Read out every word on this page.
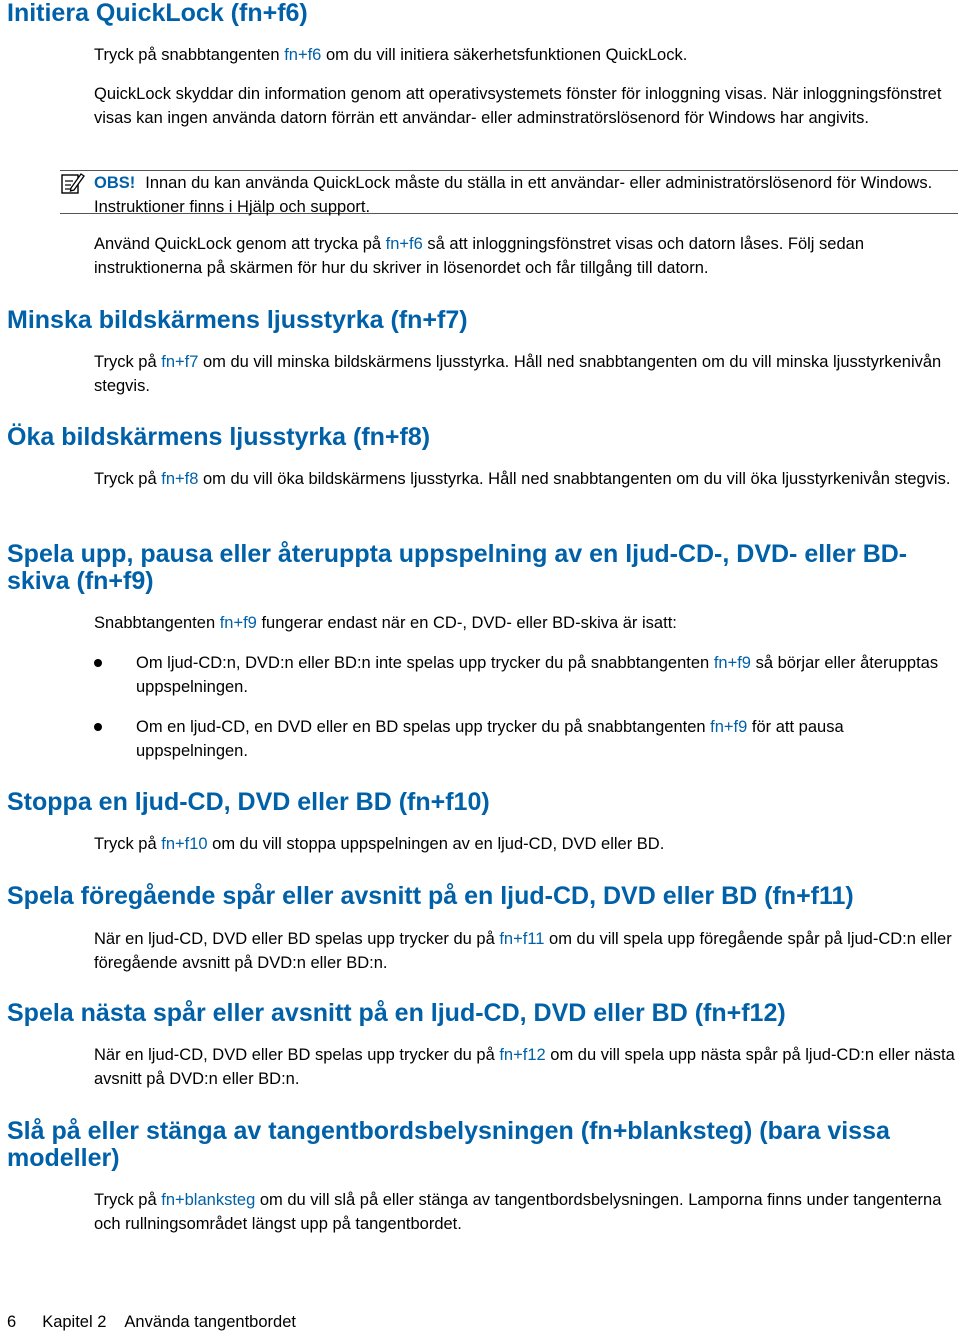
Initiera QuickLock (fn+f6)

Tryck på snabbtangenten fn+f6 om du vill initiera säkerhetsfunktionen QuickLock.

QuickLock skyddar din information genom att operativsystemets fönster för inloggning visas. När inloggningsfönstret visas kan ingen använda datorn förrän ett användar- eller adminstratörslösenord för Windows har angivits.

OBS! Innan du kan använda QuickLock måste du ställa in ett användar- eller administratörslösenord för Windows. Instruktioner finns i Hjälp och support.

Använd QuickLock genom att trycka på fn+f6 så att inloggningsfönstret visas och datorn låses. Följ sedan instruktionerna på skärmen för hur du skriver in lösenordet och får tillgång till datorn.

Minska bildskärmens ljusstyrka (fn+f7)

Tryck på fn+f7 om du vill minska bildskärmens ljusstyrka. Håll ned snabbtangenten om du vill minska ljusstyrkenivån stegvis.

Öka bildskärmens ljusstyrka (fn+f8)

Tryck på fn+f8 om du vill öka bildskärmens ljusstyrka. Håll ned snabbtangenten om du vill öka ljusstyrkenivån stegvis.

Spela upp, pausa eller återuppta uppspelning av en ljud-CD-, DVD- eller BD-skiva (fn+f9)

Snabbtangenten fn+f9 fungerar endast när en CD-, DVD- eller BD-skiva är isatt:

Om ljud-CD:n, DVD:n eller BD:n inte spelas upp trycker du på snabbtangenten fn+f9 så börjar eller återupptas uppspelningen.
Om en ljud-CD, en DVD eller en BD spelas upp trycker du på snabbtangenten fn+f9 för att pausa uppspelningen.
Stoppa en ljud-CD, DVD eller BD (fn+f10)

Tryck på fn+f10 om du vill stoppa uppspelningen av en ljud-CD, DVD eller BD.

Spela föregående spår eller avsnitt på en ljud-CD, DVD eller BD (fn+f11)

När en ljud-CD, DVD eller BD spelas upp trycker du på fn+f11 om du vill spela upp föregående spår på ljud-CD:n eller föregående avsnitt på DVD:n eller BD:n.

Spela nästa spår eller avsnitt på en ljud-CD, DVD eller BD (fn+f12)

När en ljud-CD, DVD eller BD spelas upp trycker du på fn+f12 om du vill spela upp nästa spår på ljud-CD:n eller nästa avsnitt på DVD:n eller BD:n.

Slå på eller stänga av tangentbordsbelysningen (fn+blanksteg) (bara vissa modeller)

Tryck på fn+blanksteg om du vill slå på eller stänga av tangentbordsbelysningen. Lamporna finns under tangenterna och rullningsområdet längst upp på tangentbordet.

6 Kapitel 2 Använda tangentbordet
